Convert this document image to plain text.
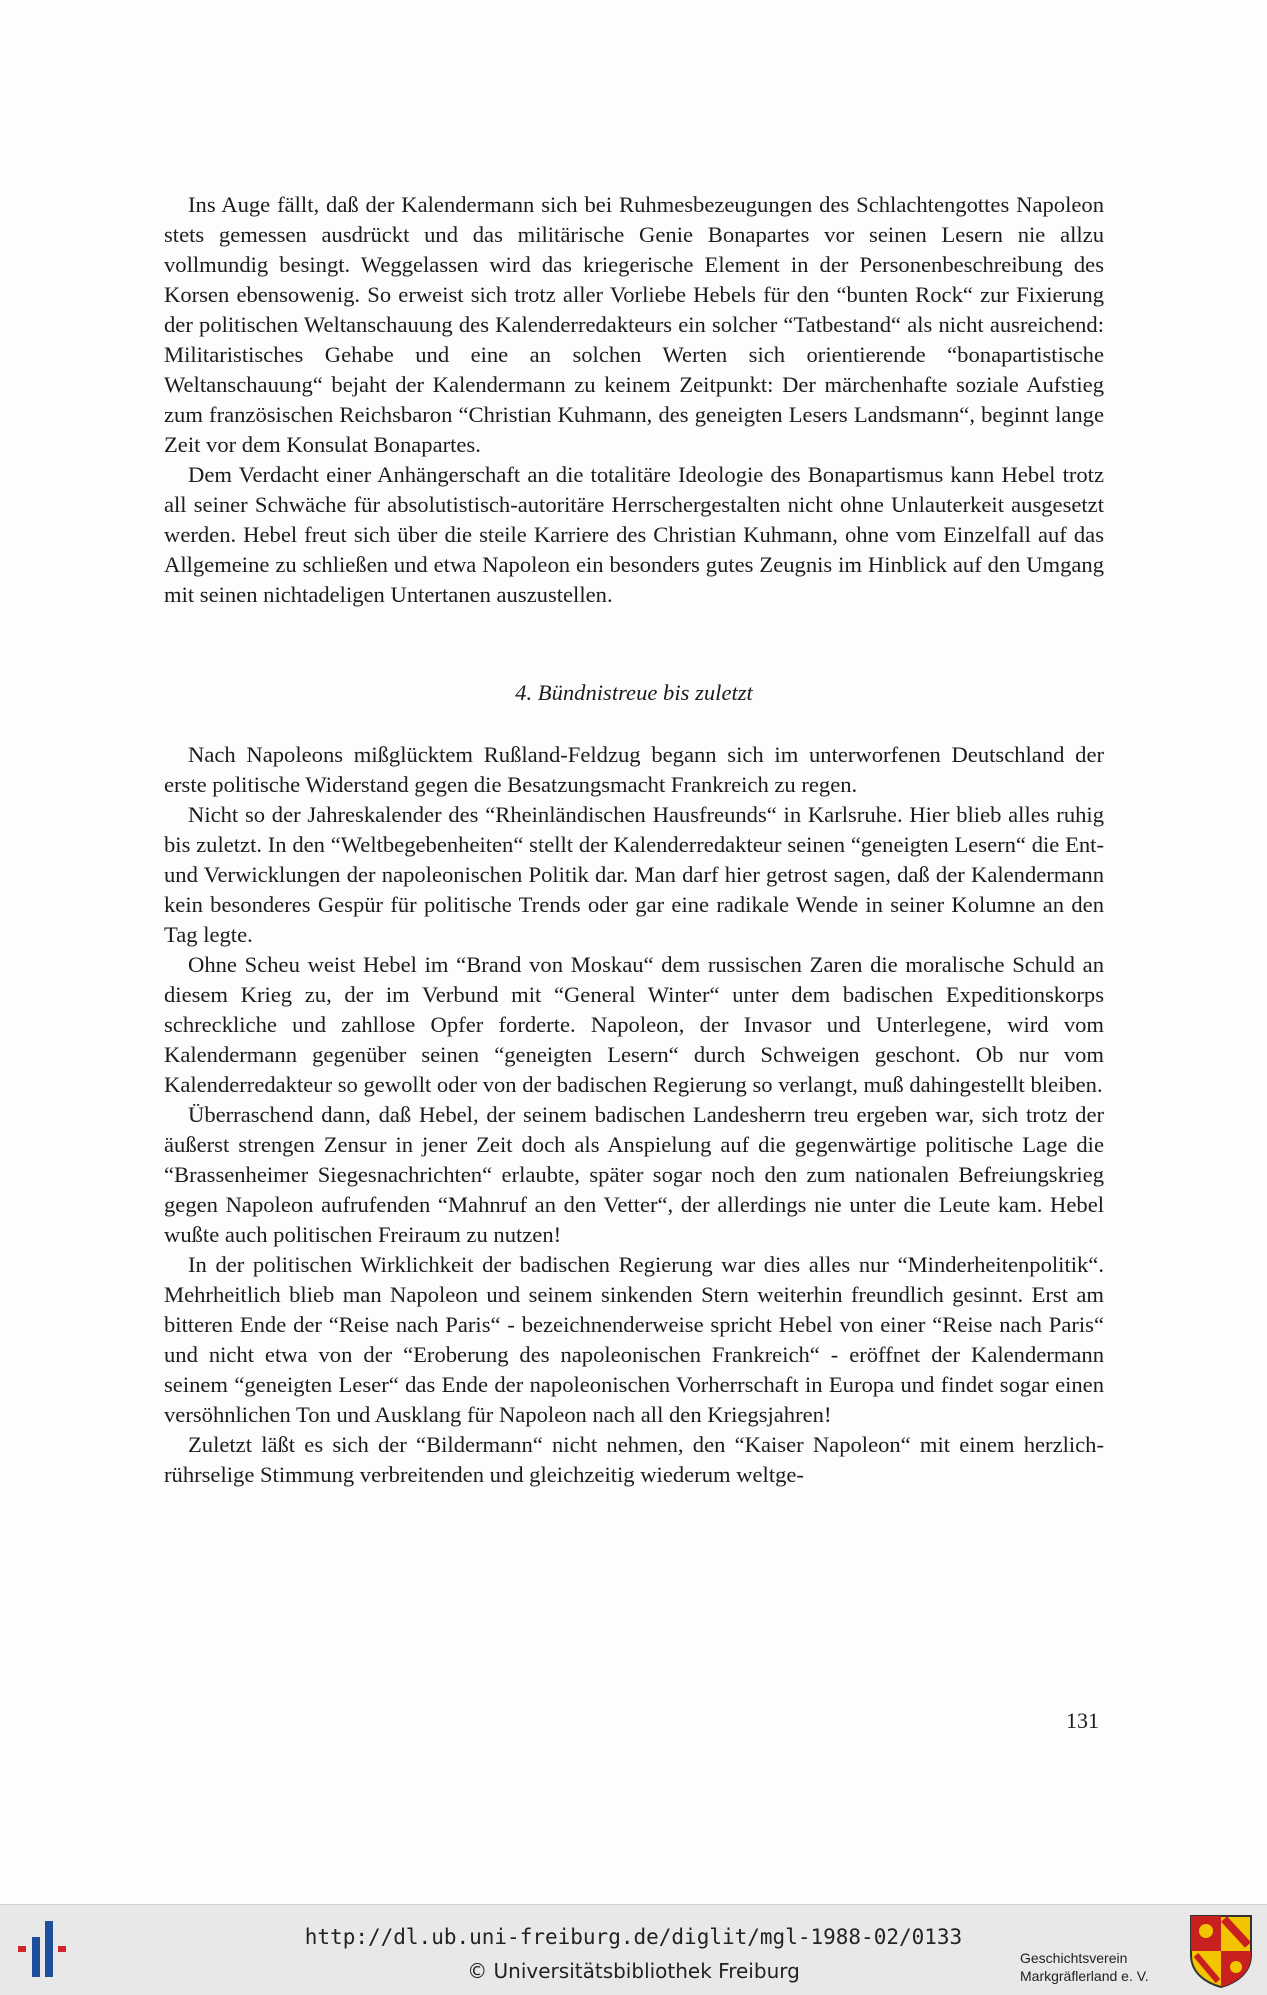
Ins Auge fällt, daß der Kalendermann sich bei Ruhmesbezeugungen des Schlachtengottes Napoleon stets gemessen ausdrückt und das militärische Genie Bonapartes vor seinen Lesern nie allzu vollmundig besingt. Weggelassen wird das kriegerische Element in der Personenbeschreibung des Korsen ebensowenig. So erweist sich trotz aller Vorliebe Hebels für den “bunten Rock“ zur Fixierung der politischen Weltanschauung des Kalenderredakteurs ein solcher “Tatbestand“ als nicht ausreichend: Militaristisches Gehabe und eine an solchen Werten sich orientierende “bonapartistische Weltanschauung“ bejaht der Kalendermann zu keinem Zeitpunkt: Der märchenhafte soziale Aufstieg zum französischen Reichsbaron “Christian Kuhmann, des geneigten Lesers Landsmann“, beginnt lange Zeit vor dem Konsulat Bonapartes.

Dem Verdacht einer Anhängerschaft an die totalitäre Ideologie des Bonapartismus kann Hebel trotz all seiner Schwäche für absolutistisch-autoritäre Herrschergestalten nicht ohne Unlauterkeit ausgesetzt werden. Hebel freut sich über die steile Karriere des Christian Kuhmann, ohne vom Einzelfall auf das Allgemeine zu schließen und etwa Napoleon ein besonders gutes Zeugnis im Hinblick auf den Umgang mit seinen nichtadeligen Untertanen auszustellen.

4. Bündnistreue bis zuletzt

Nach Napoleons mißglücktem Rußland-Feldzug begann sich im unterworfenen Deutschland der erste politische Widerstand gegen die Besatzungsmacht Frankreich zu regen.

Nicht so der Jahreskalender des “Rheinländischen Hausfreunds“ in Karlsruhe. Hier blieb alles ruhig bis zuletzt. In den “Weltbegebenheiten“ stellt der Kalenderredakteur seinen “geneigten Lesern“ die Ent- und Verwicklungen der napoleonischen Politik dar. Man darf hier getrost sagen, daß der Kalendermann kein besonderes Gespür für politische Trends oder gar eine radikale Wende in seiner Kolumne an den Tag legte.

Ohne Scheu weist Hebel im “Brand von Moskau“ dem russischen Zaren die moralische Schuld an diesem Krieg zu, der im Verbund mit “General Winter“ unter dem badischen Expeditionskorps schreckliche und zahllose Opfer forderte. Napoleon, der Invasor und Unterlegene, wird vom Kalendermann gegenüber seinen “geneigten Lesern“ durch Schweigen geschont. Ob nur vom Kalenderredakteur so gewollt oder von der badischen Regierung so verlangt, muß dahingestellt bleiben.

Überraschend dann, daß Hebel, der seinem badischen Landesherrn treu ergeben war, sich trotz der äußerst strengen Zensur in jener Zeit doch als Anspielung auf die gegenwärtige politische Lage die “Brassenheimer Siegesnachrichten“ erlaubte, später sogar noch den zum nationalen Befreiungskrieg gegen Napoleon aufrufenden “Mahnruf an den Vetter“, der allerdings nie unter die Leute kam. Hebel wußte auch politischen Freiraum zu nutzen!

In der politischen Wirklichkeit der badischen Regierung war dies alles nur “Minderheitenpolitik“. Mehrheitlich blieb man Napoleon und seinem sinkenden Stern weiterhin freundlich gesinnt. Erst am bitteren Ende der “Reise nach Paris“ - bezeichnenderweise spricht Hebel von einer “Reise nach Paris“ und nicht etwa von der “Eroberung des napoleonischen Frankreich“ - eröffnet der Kalendermann seinem “geneigten Leser“ das Ende der napoleonischen Vorherrschaft in Europa und findet sogar einen versöhnlichen Ton und Ausklang für Napoleon nach all den Kriegsjahren!

Zuletzt läßt es sich der “Bildermann“ nicht nehmen, den “Kaiser Napoleon“ mit einem herzlich-rührselige Stimmung verbreitenden und gleichzeitig wiederum weltge-

131
http://dl.ub.uni-freiburg.de/diglit/mgl-1988-02/0133
© Universitätsbibliothek Freiburg
Geschichtsverein
Markgräflerland e. V.
